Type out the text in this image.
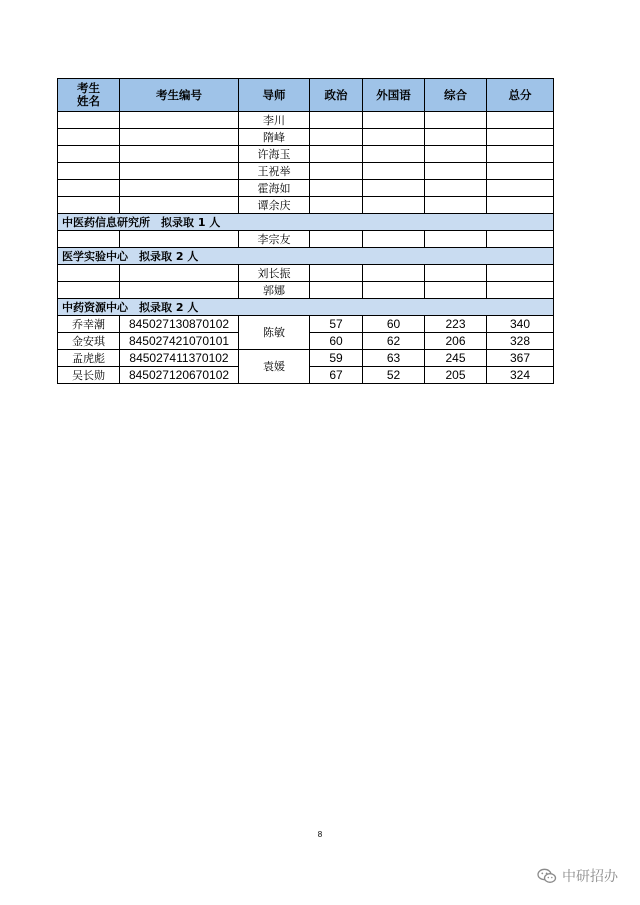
考生
姓名	考生编号	导师	政治	外国语	综合	总分
		李川				
		隋峰				
		许海玉				
		王祝举				
		霍海如				
		谭余庆				
中医药信息研究所　拟录取 1 人						
		李宗友				
医学实验中心　拟录取 2 人						
		刘长振				
		郭娜				
中药资源中心　拟录取 2 人						
乔幸潮	845027130870102	陈敏	57	60	223	340
金安琪	845027421070101		60	62	206	328
孟虎彪	845027411370102	袁媛	59	63	245	367
吴长勋	845027120670102		67	52	205	324
8
中研招办
